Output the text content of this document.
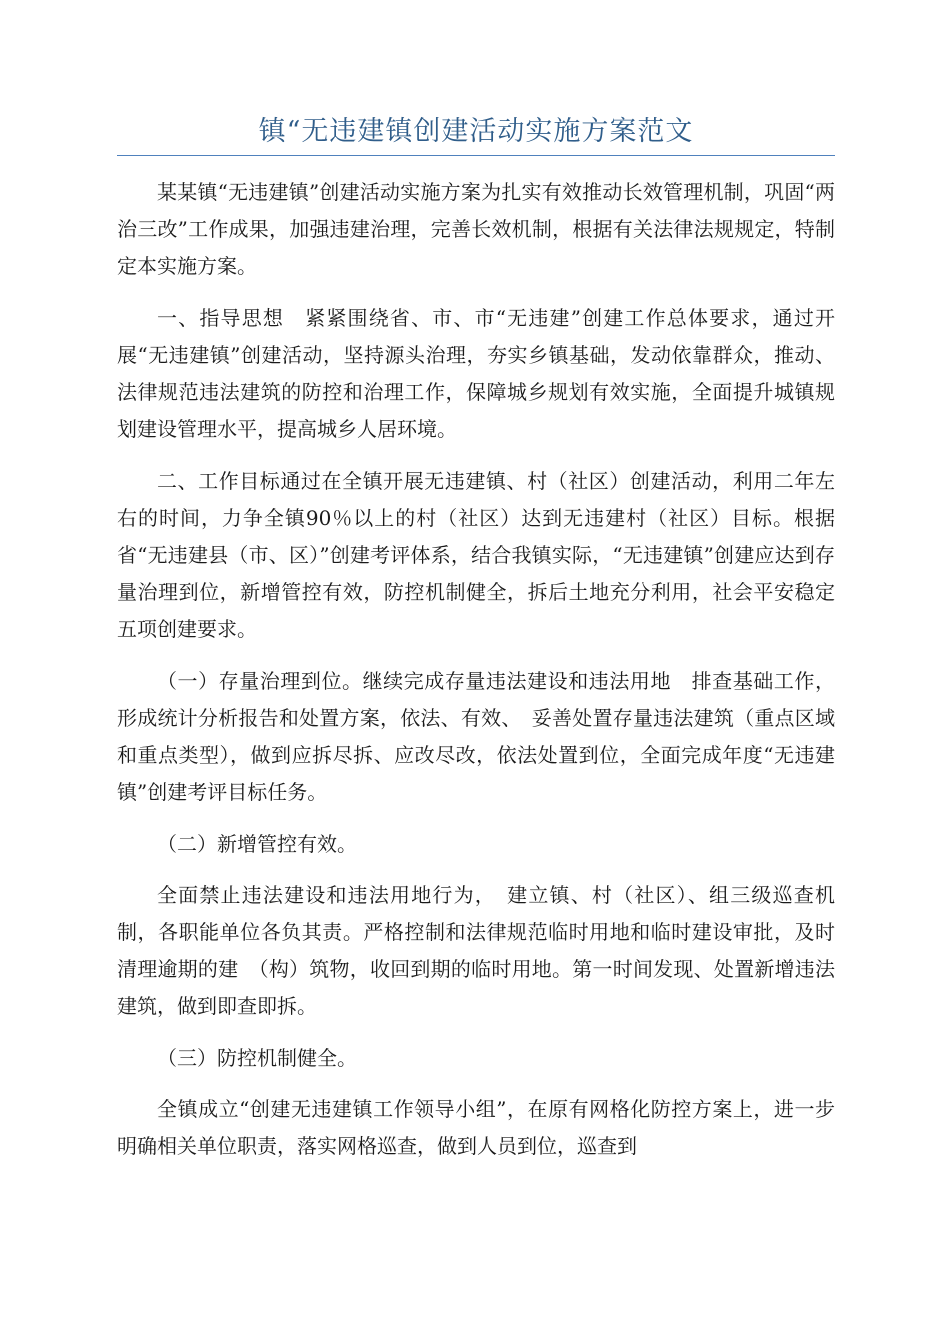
镇“无违建镇创建活动实施方案范文

某某镇“无违建镇”创建活动实施方案为扎实有效推动长效管理机制，巩固“两治三改”工作成果，加强违建治理，完善长效机制，根据有关法律法规规定，特制定本实施方案。

一、指导思想　紧紧围绕省、市、市“无违建”创建工作总体要求，通过开展“无违建镇”创建活动，坚持源头治理，夯实乡镇基础，发动依靠群众，推动、法律规范违法建筑的防控和治理工作，保障城乡规划有效实施，全面提升城镇规划建设管理水平，提高城乡人居环境。

二、工作目标通过在全镇开展无违建镇、村（社区）创建活动，利用二年左右的时间，力争全镇90％以上的村（社区）达到无违建村（社区）目标。根据省“无违建县（市、区）”创建考评体系，结合我镇实际，“无违建镇”创建应达到存量治理到位，新增管控有效，防控机制健全，拆后土地充分利用，社会平安稳定五项创建要求。

（一）存量治理到位。继续完成存量违法建设和违法用地　排查基础工作，形成统计分析报告和处置方案，依法、有效、　妥善处置存量违法建筑（重点区域和重点类型），做到应拆尽拆、应改尽改，依法处置到位，全面完成年度“无违建镇”创建考评目标任务。

（二）新增管控有效。

全面禁止违法建设和违法用地行为，　建立镇、村（社区）、组三级巡查机制，各职能单位各负其责。严格控制和法律规范临时用地和临时建设审批，及时清理逾期的建　（构）筑物，收回到期的临时用地。第一时间发现、处置新增违法建筑，做到即查即拆。

（三）防控机制健全。

全镇成立“创建无违建镇工作领导小组”，在原有网格化防控方案上，进一步明确相关单位职责，落实网格巡查，做到人员到位，巡查到
